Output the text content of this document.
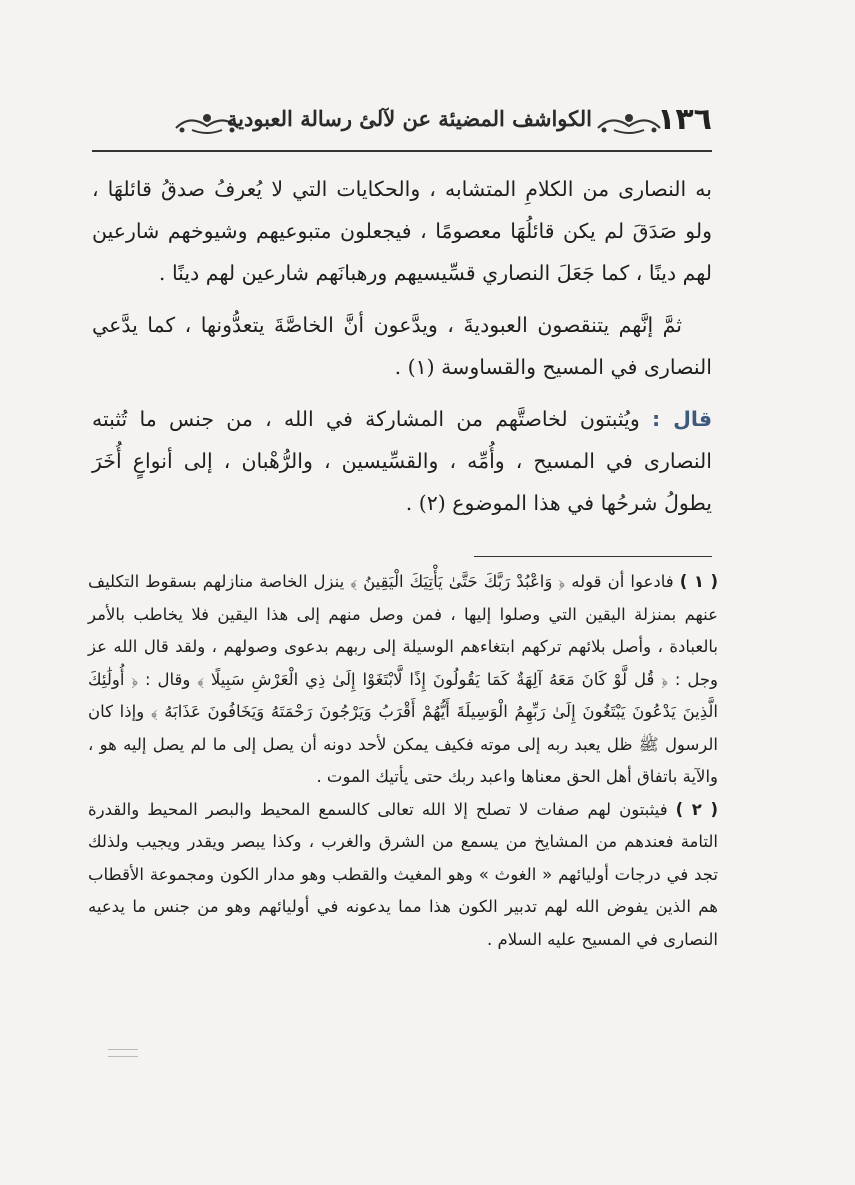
١٣٦
الكواشف المضيئة عن لآلئ رسالة العبودية

به النصارى من الكلامِ المتشابه ، والحكايات التي لا يُعرفُ صدقُ قائلهَا ، ولو صَدَقَ لم يكن قائلُهَا معصومًا ، فيجعلون متبوعيهم وشيوخهم شارعين لهم دينًا ، كما جَعَلَ النصاري قسِّيسيهم ورهبانَهم شارعين لهم دينًا .

ثمَّ إنَّهم يتنقصون العبوديةَ ، ويدَّعون أنَّ الخاصَّةَ يتعدُّونها ، كما يدَّعي النصارى في المسيح والقساوسة (١) .

قال : ويُثبتون لخاصتَّهم من المشاركة في الله ، من جنس ما تُثبته النصارى في المسيح ، وأُمِّه ، والقسِّيسين ، والرُّهْبان ، إلى أنواعٍ أُخَرَ يطولُ شرحُها في هذا الموضوع (٢) .

( ١ ) فادعوا أن قوله ﴿ وَاعْبُدْ رَبَّكَ حَتَّىٰ يَأْتِيَكَ الْيَقِينُ ﴾ ينزل الخاصة منازلهم بسقوط التكليف عنهم بمنزلة اليقين التي وصلوا إليها ، فمن وصل منهم إلى هذا اليقين فلا يخاطب بالأمر بالعبادة ، وأصل بلائهم تركهم ابتغاءهم الوسيلة إلى ربهم بدعوى وصولهم ، ولقد قال الله عز وجل : ﴿ قُل لَّوْ كَانَ مَعَهُ آلِهَةٌ كَمَا يَقُولُونَ إِذًا لَّابْتَغَوْا إِلَىٰ ذِي الْعَرْشِ سَبِيلًا ﴾ وقال : ﴿ أُولَٰئِكَ الَّذِينَ يَدْعُونَ يَبْتَغُونَ إِلَىٰ رَبِّهِمُ الْوَسِيلَةَ أَيُّهُمْ أَقْرَبُ وَيَرْجُونَ رَحْمَتَهُ وَيَخَافُونَ عَذَابَهُ ﴾ وإذا كان الرسول ﷺ ظل يعبد ربه إلى موته فكيف يمكن لأحد دونه أن يصل إلى ما لم يصل إليه هو ، والآية باتفاق أهل الحق معناها واعبد ربك حتى يأتيك الموت .

( ٢ ) فيثبتون لهم صفات لا تصلح إلا الله تعالى كالسمع المحيط والبصر المحيط والقدرة التامة فعندهم من المشايخ من يسمع من الشرق والغرب ، وكذا يبصر ويقدر ويجيب ولذلك تجد في درجات أوليائهم « الغوث » وهو المغيث والقطب وهو مدار الكون ومجموعة الأقطاب هم الذين يفوض الله لهم تدبير الكون هذا مما يدعونه في أوليائهم وهو من جنس ما يدعيه النصارى في المسيح عليه السلام .
